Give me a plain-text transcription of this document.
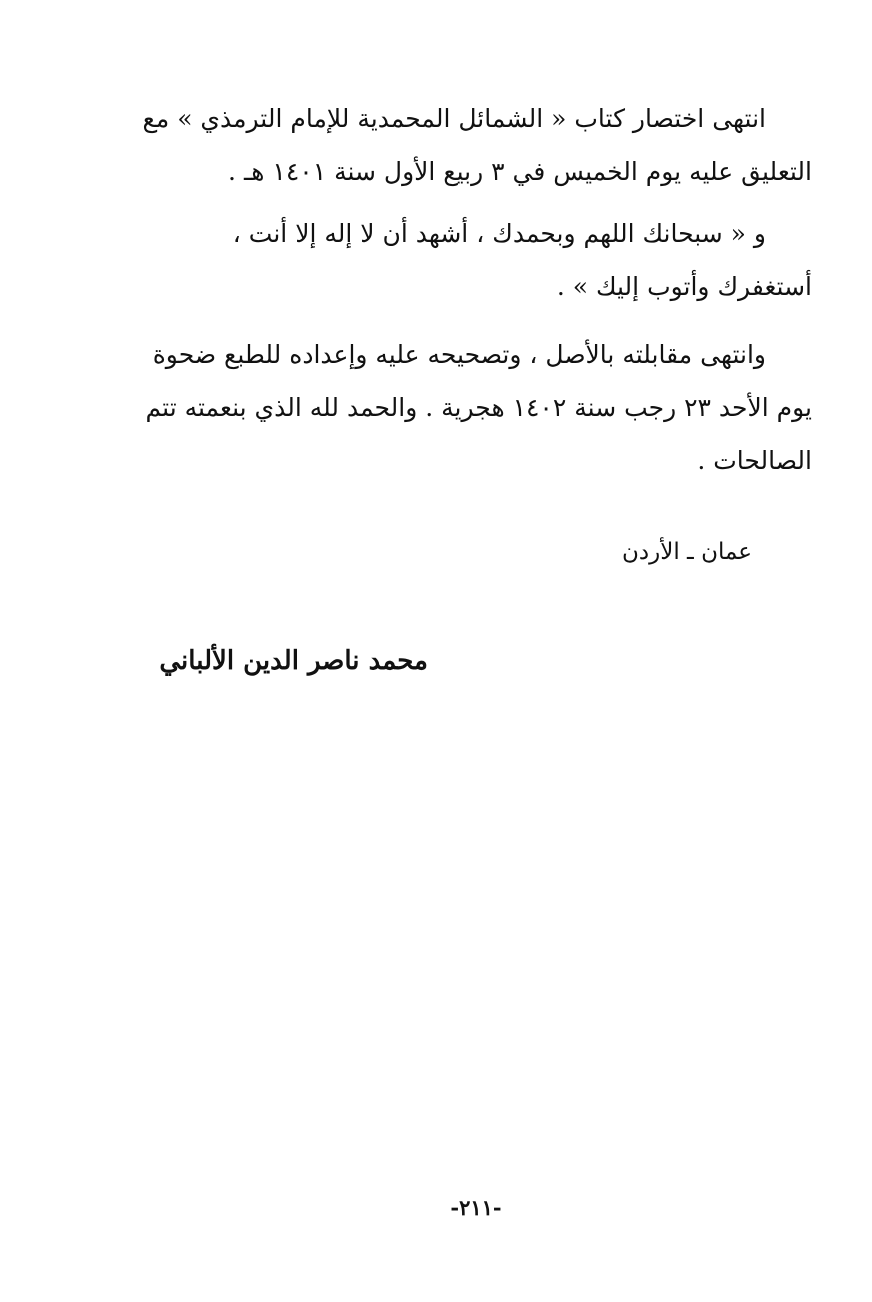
انتهى اختصار كتاب « الشمائل المحمدية للإمام الترمذي » مع
التعليق عليه يوم الخميس في ٣ ربيع الأول سنة ١٤٠١ هـ .
و « سبحانك اللهم وبحمدك ، أشهد أن لا إله إلا أنت ،
أستغفرك وأتوب إليك » .
وانتهى مقابلته بالأصل ، وتصحيحه عليه وإعداده للطبع ضحوة
يوم الأحد ٢٣ رجب سنة ١٤٠٢ هجرية . والحمد لله الذي بنعمته تتم
الصالحات .
عمان ـ الأردن
محمد ناصر الدين الألباني
-٢١١-
